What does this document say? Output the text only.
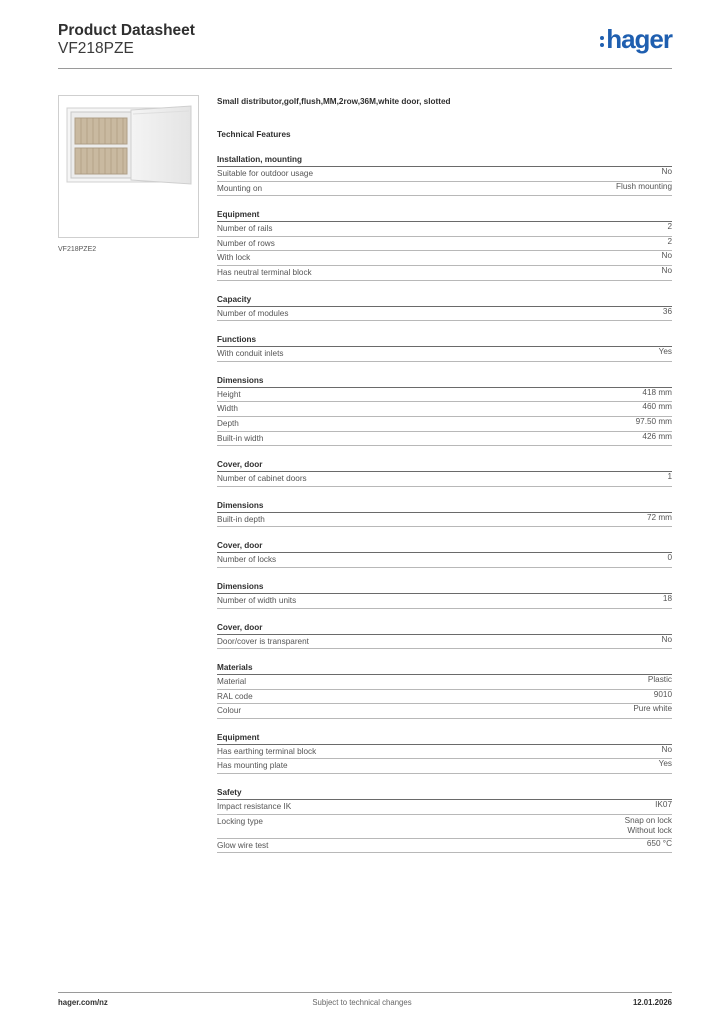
Product Datasheet
VF218PZE	hager
VF218PZE2
Small distributor,golf,flush,MM,2row,36M,white door, slotted
Technical Features
Installation, mounting
Suitable for outdoor usage	No
Mounting on	Flush mounting
Equipment
Number of rails	2
Number of rows	2
With lock	No
Has neutral terminal block	No
Capacity
Number of modules	36
Functions
With conduit inlets	Yes
Dimensions
Height	418 mm
Width	460 mm
Depth	97.50 mm
Built-in width	426 mm
Cover, door
Number of cabinet doors	1
Dimensions
Built-in depth	72 mm
Cover, door
Number of locks	0
Dimensions
Number of width units	18
Cover, door
Door/cover is transparent	No
Materials
Material	Plastic
RAL code	9010
Colour	Pure white
Equipment
Has earthing terminal block	No
Has mounting plate	Yes
Safety
Impact resistance IK	IK07
Locking type	Snap on lock
Without lock
Glow wire test	650 °C
hager.com/nz	Subject to technical changes	12.01.2026
